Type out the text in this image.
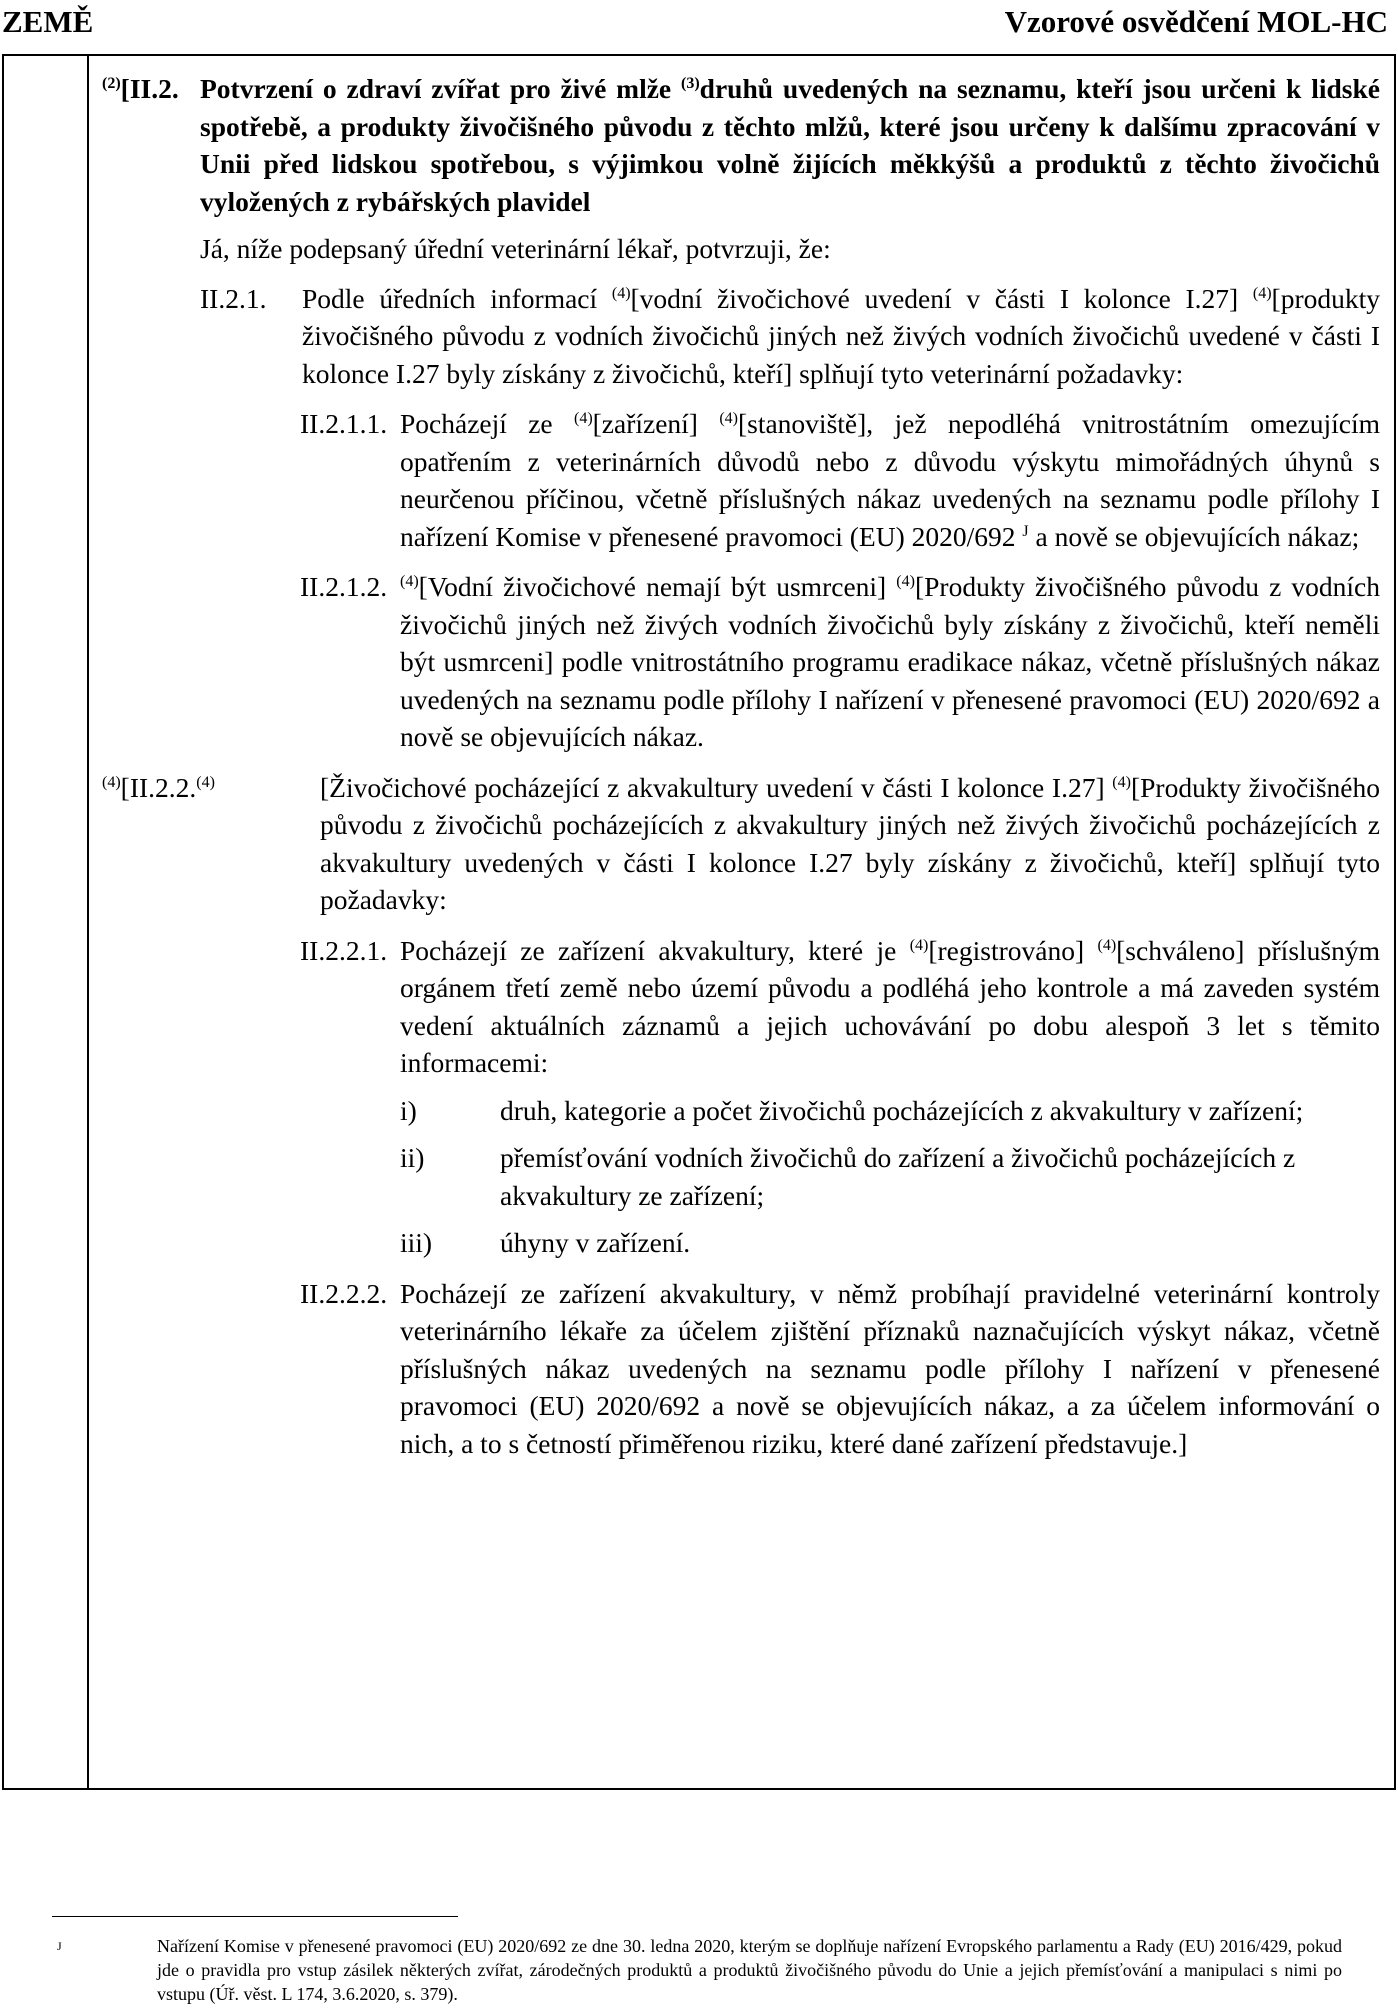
ZEMĚ	Vzorové osvědčení MOL-HC
$^{(2)}$[II.2. Potvrzení o zdraví zvířat pro živé mlže $^{(3)}$druhů uvedených na seznamu, kteří jsou určeni k lidské spotřebě, a produkty živočišného původu z těchto mlžů, které jsou určeny k dalšímu zpracování v Unii před lidskou spotřebou, s výjimkou volně žijících měkkýšů a produktů z těchto živočichů vyložených z rybářských plavidel
Já, níže podepsaný úřední veterinární lékař, potvrzuji, že:
II.2.1. Podle úředních informací $^{(4)}$[vodní živočichové uvedení v části I kolonce I.27] $^{(4)}$[produkty živočišného původu z vodních živočichů jiných než živých vodních živočichů uvedené v části I kolonce I.27 byly získány z živočichů, kteří] splňují tyto veterinární požadavky:
II.2.1.1. Pocházejí ze $^{(4)}$[zařízení] $^{(4)}$[stanoviště], jež nepodléhá vnitrostátním omezujícím opatřením z veterinárních důvodů nebo z důvodu výskytu mimořádných úhynů s neurčenou příčinou, včetně příslušných nákaz uvedených na seznamu podle přílohy I nařízení Komise v přenesené pravomoci (EU) 2020/692 $^J$ a nově se objevujících nákaz;
II.2.1.2. $^{(4)}$[Vodní živočichové nemají být usmrceni] $^{(4)}$[Produkty živočišného původu z vodních živočichů jiných než živých vodních živočichů byly získány z živočichů, kteří neměli být usmrceni] podle vnitrostátního programu eradikace nákaz, včetně příslušných nákaz uvedených na seznamu podle přílohy I nařízení v přenesené pravomoci (EU) 2020/692 a nově se objevujících nákaz.
$^{(4)}$[II.2.2.$^{(4)}$	[Živočichové pocházející z akvakultury uvedení v části I kolonce I.27] $^{(4)}$[Produkty živočišného původu z živočichů pocházejících z akvakultury jiných než živých živočichů pocházejících z akvakultury uvedených v části I kolonce I.27 byly získány z živočichů, kteří] splňují tyto požadavky:
II.2.2.1. Pocházejí ze zařízení akvakultury, které je $^{(4)}$[registrováno] $^{(4)}$[schváleno] příslušným orgánem třetí země nebo území původu a podléhá jeho kontrole a má zaveden systém vedení aktuálních záznamů a jejich uchovávání po dobu alespoň 3 let s těmito informacemi:
i)	druh, kategorie a počet živočichů pocházejících z akvakultury v zařízení;
ii)	přemísťování vodních živočichů do zařízení a živočichů pocházejících z akvakultury ze zařízení;
iii) úhyny v zařízení.
II.2.2.2. Pocházejí ze zařízení akvakultury, v němž probíhají pravidelné veterinární kontroly veterinárního lékaře za účelem zjištění příznaků naznačujících výskyt nákaz, včetně příslušných nákaz uvedených na seznamu podle přílohy I nařízení v přenesené pravomoci (EU) 2020/692 a nově se objevujících nákaz, a za účelem informování o nich, a to s četností přiměřenou riziku, které dané zařízení představuje.]
J	Nařízení Komise v přenesené pravomoci (EU) 2020/692 ze dne 30. ledna 2020, kterým se doplňuje nařízení Evropského parlamentu a Rady (EU) 2016/429, pokud jde o pravidla pro vstup zásilek některých zvířat, zárodečných produktů a produktů živočišného původu do Unie a jejich přemísťování a manipulaci s nimi po vstupu (Úř. věst. L 174, 3.6.2020, s. 379).
